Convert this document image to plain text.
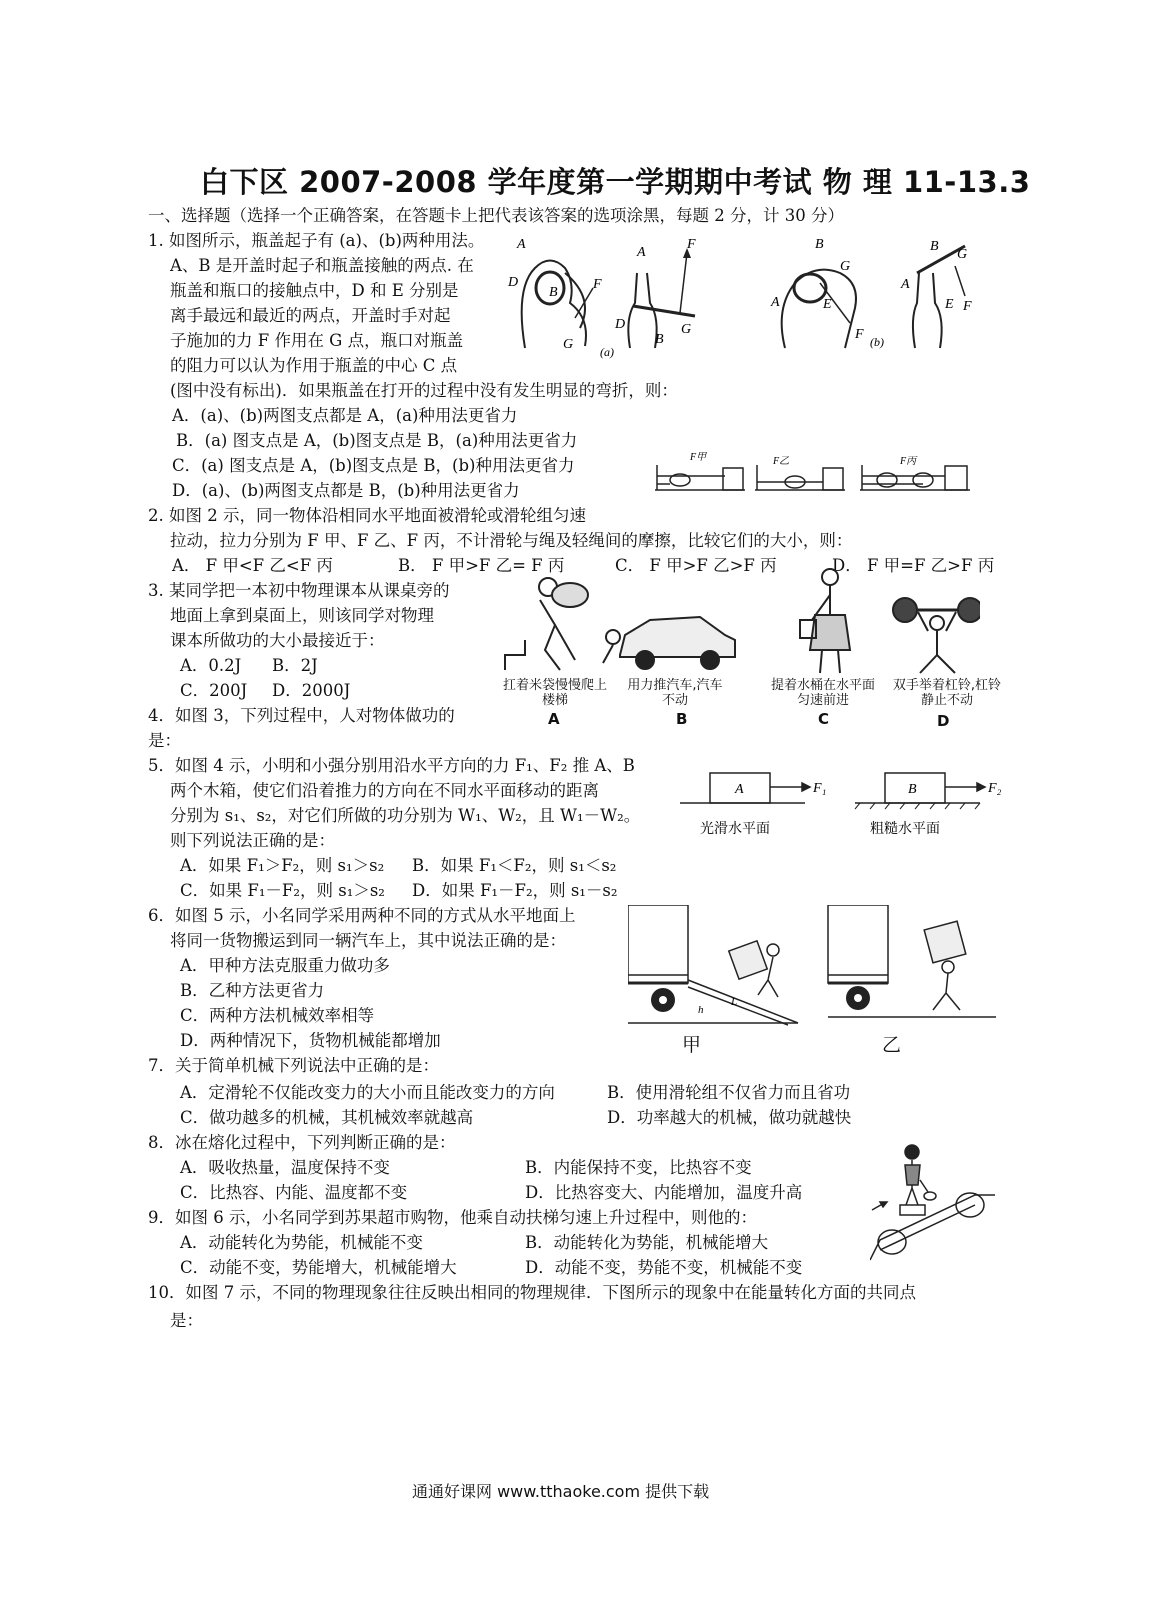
白下区 2007-2008 学年度第一学期期中考试 物 理 11-13.3
一、选择题（选择一个正确答案，在答题卡上把代表该答案的选项涂黑，每题 2 分，计 30 分）
1. 如图所示，瓶盖起子有 (a)、(b)两种用法。
A、B 是开盖时起子和瓶盖接触的两点. 在
瓶盖和瓶口的接触点中，D 和 E 分别是
离手最远和最近的两点，开盖时手对起
子施加的力 F 作用在 G 点，瓶口对瓶盖
的阻力可以认为作用于瓶盖的中心 C 点
(图中没有标出)．如果瓶盖在打开的过程中没有发生明显的弯折，则：
A．(a)、(b)两图支点都是 A，(a)种用法更省力
B．(a) 图支点是 A，(b)图支点是 B，(a)种用法更省力
C．(a) 图支点是 A，(b)图支点是 B，(b)种用法更省力
D．(a)、(b)两图支点都是 B，(b)种用法更省力
A
D
B
F
G
A
F
D
B
G
(a)
B
G
A	E
F (b)
B
G
A
E F
F甲	F乙	F丙
2. 如图 2 示，同一物体沿相同水平地面被滑轮或滑轮组匀速
拉动，拉力分别为 F 甲、F 乙、F 丙，不计滑轮与绳及轻绳间的摩擦，比较它们的大小，则：
A． F 甲<F 乙<F 丙	B． F 甲>F 乙= F 丙	C． F 甲>F 乙>F 丙	D． F 甲=F 乙>F 丙
3. 某同学把一本初中物理课本从课桌旁的
地面上拿到桌面上，则该同学对物理
课本所做功的大小最接近于：
A．0.2J B．2J
C．200J D．2000J	扛着米袋慢慢爬上楼梯
用力推汽车,汽车不动
提着水桶在水平面匀速前进
双手举着杠铃,杠铃静止不动
A	B	C	D
4．如图 3，下列过程中，人对物体做功的
是：
5．如图 4 示，小明和小强分别用沿水平方向的力 F₁、F₂ 推 A、B
两个木箱，使它们沿着推力的方向在不同水平面移动的距离
分别为 s₁、s₂，对它们所做的功分别为 W₁、W₂，且 W₁－W₂。
则下列说法正确的是：
A．如果 F₁＞F₂，则 s₁＞s₂ B．如果 F₁＜F₂，则 s₁＜s₂
C．如果 F₁－F₂，则 s₁＞s₂ D．如果 F₁－F₂，则 s₁－s₂
A	B
F₁	F₂
光滑水平面	粗糙水平面
6．如图 5 示，小名同学采用两种不同的方式从水平地面上
将同一货物搬运到同一辆汽车上，其中说法正确的是：
A．甲种方法克服重力做功多
B．乙种方法更省力
C．两种方法机械效率相等
D．两种情况下，货物机械能都增加
h
L
甲	乙
7．关于简单机械下列说法中正确的是：
A．定滑轮不仅能改变力的大小而且能改变力的方向	B．使用滑轮组不仅省力而且省功
C．做功越多的机械，其机械效率就越高	D．功率越大的机械，做功就越快
8．冰在熔化过程中，下列判断正确的是：
A．吸收热量，温度保持不变	B．内能保持不变，比热容不变
C．比热容、内能、温度都不变	D．比热容变大、内能增加，温度升高
9．如图 6 示，小名同学到苏果超市购物，他乘自动扶梯匀速上升过程中，则他的：
A．动能转化为势能，机械能不变	B．动能转化为势能，机械能增大
C．动能不变，势能增大，机械能增大	D．动能不变，势能不变，机械能不变
10．如图 7 示，不同的物理现象往往反映出相同的物理规律．下图所示的现象中在能量转化方面的共同点
是：
通通好课网 www.tthaoke.com 提供下载
